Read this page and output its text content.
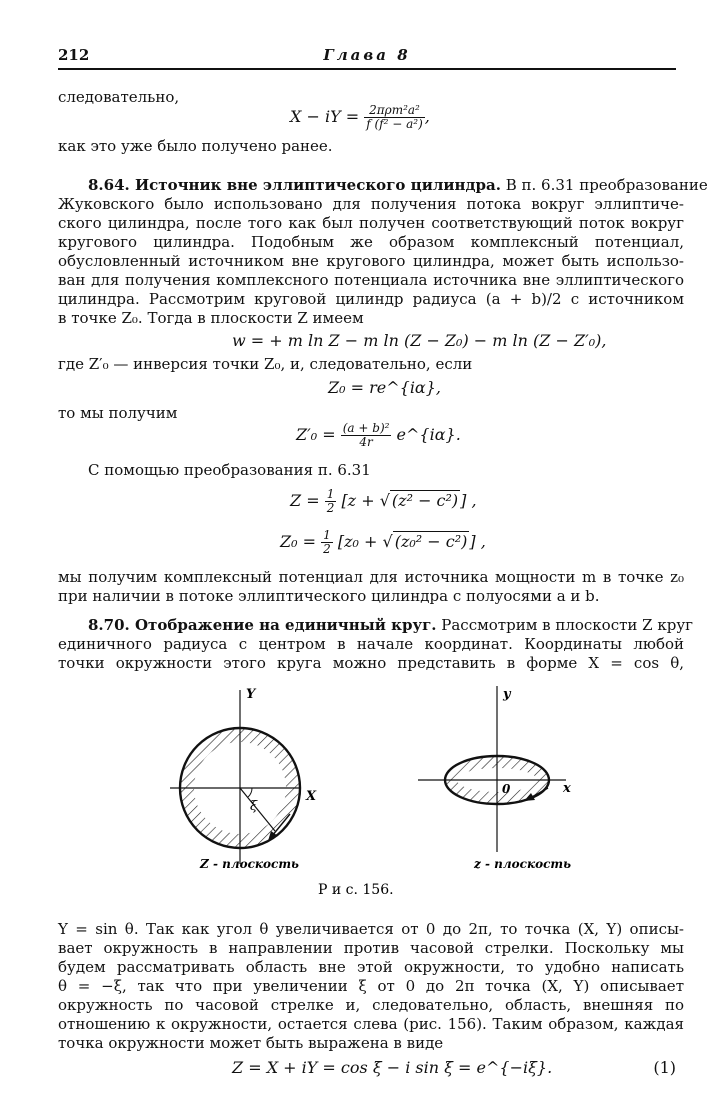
212	Глава 8
следовательно,
X − iY = $\frac{\text{2πρm²a²}}{\text{f (f² − a²)}}$ ,
как это уже было получено ранее.
8.64. Источник вне эллиптического цилиндра. В п. 6.31 преобразование
Жуковского было использовано для получения потока вокруг эллиптиче-
ского цилиндра, после того как был получен соответствующий поток вокруг
кругового цилиндра. Подобным же образом комплексный потенциал,
обусловленный источником вне кругового цилиндра, может быть использо-
ван для получения комплексного потенциала источника вне эллиптического
цилиндра. Рассмотрим круговой цилиндр радиуса (a + b)/2 с источником
в точке Z₀. Тогда в плоскости Z имеем
w = + m ln Z − m ln (Z − Z₀) − m ln (Z − Z′₀),
где Z′₀ — инверсия точки Z₀, и, следовательно, если
Z₀ = re^{iα},
то мы получим
$Z'_0 = \frac{\text{(a + b)²}}{4r}$ e^{iα}.
С помощью преобразования п. 6.31
$Z = \frac{1}{2} [z$ + √ (z² − c²) ] ,
$Z_0 = \frac{1}{2} [z_0$ + √ (z₀² − c²) ] ,
мы получим комплексный потенциал для источника мощности m в точке z₀
при наличии в потоке эллиптического цилиндра с полуосями a и b.
8.70. Отображение на единичный круг. Рассмотрим в плоскости Z круг
единичного радиуса с центром в начале координат. Координаты любой
точки окружности этого круга можно представить в форме X = cos θ,
Y
X
ξ
Z - плоскость
y
x
0
z - плоскость
Р и с. 156.
Y = sin θ. Так как угол θ увеличивается от 0 до 2π, то точка (X, Y) описы-
вает окружность в направлении против часовой стрелки. Поскольку мы
будем рассматривать область вне этой окружности, то удобно написать
θ = −ξ, так что при увеличении ξ от 0 до 2π точка (X, Y) описывает
окружность по часовой стрелке и, следовательно, область, внешняя по
отношению к окружности, остается слева (рис. 156). Таким образом, каждая
точка окружности может быть выражена в виде
Z = X + iY = cos ξ − i sin ξ = e^{−iξ}.	(1)
